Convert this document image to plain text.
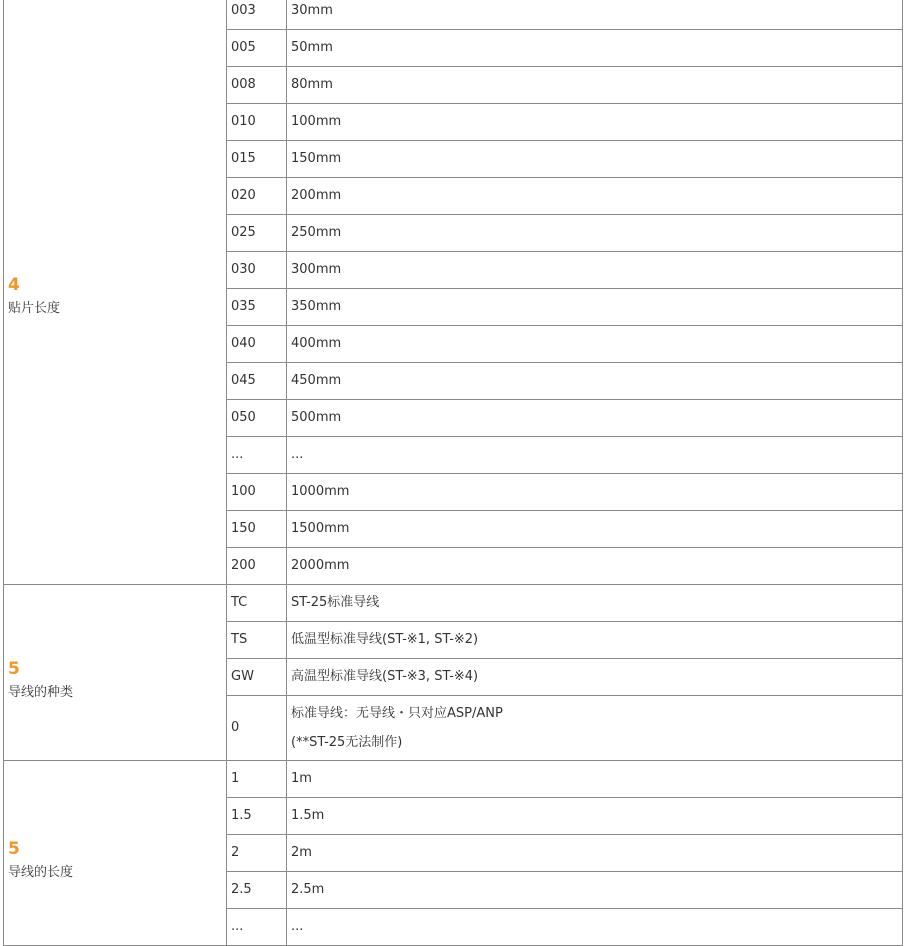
4
贴片长度	003	30mm
	005	50mm
	008	80mm
	010	100mm
	015	150mm
	020	200mm
	025	250mm
	030	300mm
	035	350mm
	040	400mm
	045	450mm
	050	500mm
	...	...
	100	1000mm
	150	1500mm
	200	2000mm

5
导线的种类	TC	ST-25标准导线
	TS	低温型标准导线(ST-※1, ST-※2)
	GW	高温型标准导线(ST-※3, ST-※4)
	0	标准导线：无导线・只对应ASP/ANP
(**ST-25无法制作)

5
导线的长度	1	1m
	1.5	1.5m
	2	2m
	2.5	2.5m
	...	...
